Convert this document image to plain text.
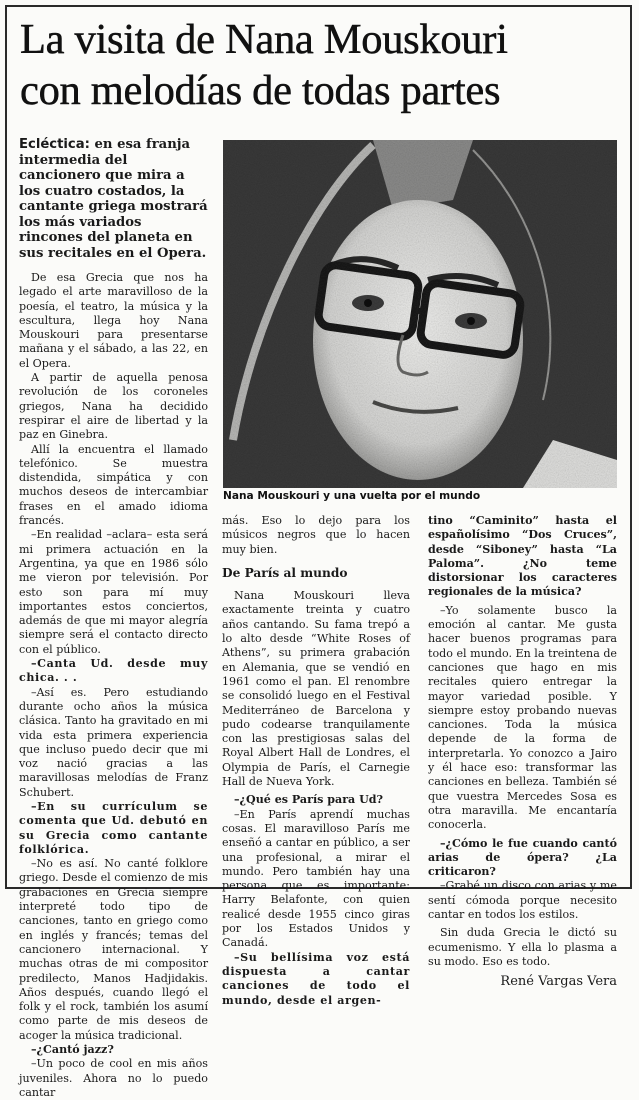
La visita de Nana Mouskouri
con melodías de todas partes

Ecléctica: en esa franja intermedia del cancionero que mira a los cuatro costados, la cantante griega mostrará los más variados rincones del planeta en sus recitales en el Opera.

De esa Grecia que nos ha legado el arte maravilloso de la poesía, el teatro, la música y la escultura, llega hoy Nana Mouskouri para presentarse mañana y el sábado, a las 22, en el Opera.

A partir de aquella penosa revolución de los coroneles griegos, Nana ha decidido respirar el aire de libertad y la paz en Ginebra.

Allí la encuentra el llamado telefónico. Se muestra distendida, simpática y con muchos deseos de intercambiar frases en el amado idioma francés.

–En realidad –aclara– esta será mi primera actuación en la Argentina, ya que en 1986 sólo me vieron por televisión. Por esto son para mí muy importantes estos conciertos, además de que mi mayor alegría siempre será el contacto directo con el público.

–Canta Ud. desde muy chica. . .

–Así es. Pero estudiando durante ocho años la música clásica. Tanto ha gravitado en mi vida esta primera experiencia que incluso puedo decir que mi voz nació gracias a las maravillosas melodías de Franz Schubert.

–En su currículum se comenta que Ud. debutó en su Grecia como cantante folklórica.

–No es así. No canté folklore griego. Desde el comienzo de mis grabaciones en Grecia siempre interpreté todo tipo de canciones, tanto en griego como en inglés y francés; temas del cancionero internacional. Y muchas otras de mi compositor predilecto, Manos Hadjidakis. Años después, cuando llegó el folk y el rock, también los asumí como parte de mis deseos de acoger la música tradicional.

–¿Cantó jazz?

–Un poco de cool en mis años juveniles. Ahora no lo puedo cantar

Nana Mouskouri y una vuelta por el mundo

más. Eso lo dejo para los músicos negros que lo hacen muy bien.

De París al mundo

Nana Mouskouri lleva exactamente treinta y cuatro años cantando. Su fama trepó a lo alto desde “White Roses of Athens”, su primera grabación en Alemania, que se vendió en 1961 como el pan. El renombre se consolidó luego en el Festival Mediterráneo de Barcelona y pudo codearse tranquilamente con las prestigiosas salas del Royal Albert Hall de Londres, el Olympia de París, el Carnegie Hall de Nueva York.

–¿Qué es París para Ud?

–En París aprendí muchas cosas. El maravilloso París me enseñó a cantar en público, a ser una profesional, a mirar el mundo. Pero también hay una persona que es importante: Harry Belafonte, con quien realicé desde 1955 cinco giras por los Estados Unidos y Canadá.

–Su bellísima voz está dispuesta a cantar canciones de todo el mundo, desde el argen-

tino “Caminito” hasta el españolísimo “Dos Cruces”, desde “Siboney” hasta “La Paloma”. ¿No teme distorsionar los caracteres regionales de la música?

–Yo solamente busco la emoción al cantar. Me gusta hacer buenos programas para todo el mundo. En la treintena de canciones que hago en mis recitales quiero entregar la mayor variedad posible. Y siempre estoy probando nuevas canciones. Toda la música depende de la forma de interpretarla. Yo conozco a Jairo y él hace eso: transformar las canciones en belleza. También sé que vuestra Mercedes Sosa es otra maravilla. Me encantaría conocerla.

–¿Cómo le fue cuando cantó arias de ópera? ¿La criticaron?

–Grabé un disco con arias y me sentí cómoda porque necesito cantar en todos los estilos.

Sin duda Grecia le dictó su ecumenismo. Y ella lo plasma a su modo. Eso es todo.

René Vargas Vera
